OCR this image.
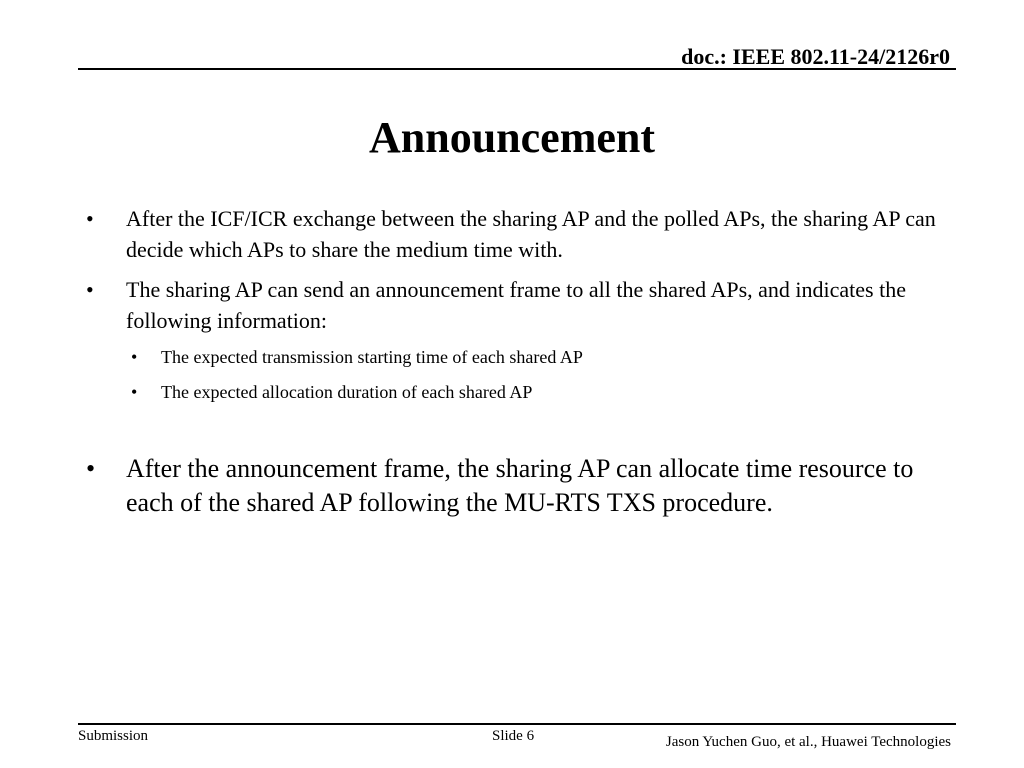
doc.: IEEE 802.11-24/2126r0
Announcement
• After the ICF/ICR exchange between the sharing AP and the polled APs, the sharing AP can decide which APs to share the medium time with.
• The sharing AP can send an announcement frame to all the shared APs, and indicates the following information:
• The expected transmission starting time of each shared AP
• The expected allocation duration of each shared AP
• After the announcement frame, the sharing AP can allocate time resource to each of the shared AP following the MU-RTS TXS procedure.
Submission	Slide 6	Jason Yuchen Guo, et al., Huawei Technologies
